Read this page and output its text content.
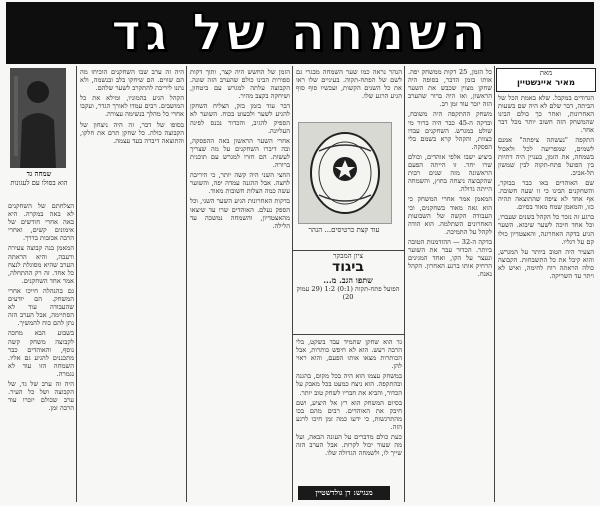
השמחה של גד
מאת
מאיר איינשטיין

הגדודים במקבל. שלא באמת הכל של הביתה, דבר שלם לא היה שם בשעות האחרונות, ואחר כך כולם הבינו שהמשחק הזה חשוב יותר מכל דבר אחר.

התקפה "נעשתה ציפתה" אמנם לשמים, שמפריעה לכל ולאכול בשמחה, את הזמן, בעניין היה דתיות בין הפועל פתח-תקוה לבין שמשון תל-אביב.

שם האוהדים באו כבר בבוקר, והשחקנים הבינו כי זו שעה חשובה. אף אחד לא ציפה שהתוצאה תהיה כזו, והמאמן שמח מאוד בסיום.

ברגע זה נזכר כל הקהל בשנים שעברו, וכל אחד חיכה לשער שיבוא. השער הגיע בדקה האחרונה, והאצטדיון כולו קם על רגליו.

הצעיר היה הטוב ביותר על המגרש, והוא קיבל את כל התשבחות. הקבוצה כולה הראתה רוח לחימה, ואיש לא ויתר עד השריקה.

כל הזמן, 25 דקות ממשחק יפה. אותו בזמן הדבר, בסופה היה שחקן מצוין שכבש את השער הראשון, ואז היה ברור שהערב הזה יזכר עוד זמן רב.

משחק ההתקפה היה משובח, ובדקה ה-45 כבר היה ברור מי שולט במגרש. השחקנים עבדו כצוות, והקהל קרא בשמם בלי הפסקה.

ביציע ישבו אלפי אוהדים, וכולם שרו יחד. זו הייתה הפעם הראשונה מזה שנים רבות שהקבוצה ניצחה בחוץ, והשמחה הייתה גדולה.

המאמן אמר אחרי המשחק כי הוא גאה מאוד בשחקנים, וכי העבודה הקשה של השבועות האחרונים השתלמה. הוא הודה לקהל על התמיכה.

בדקה ה-32 — ההזדמנות הטובה ביותר. הכדור עבר את השוער ונעצר על הקו, ואחד המגינים הרחיק אותו ברגע האחרון. הקהל נאנח.

הנהר נראה כמו שער השמחה מבגרי גם לשם של הפתח-תקוה. בעיניים שלו ראו את כל השנים הקשות, ועכשיו סוף סוף הגיע הרגע שלו.

עוד קצת כרטיסים... הנהר
ציון המבקר
ביגוד
שתפו הגב. מ...
הפועל פתח-תקוה (0:1) 1:2 (29 עמוק 20)

גד הוא שחקן שתמיד עבד בשקט, בלי הרבה רעש. הוא לא חיפש כותרות, אבל הכותרות מצאו אותו הפעם, והוא ראוי להן.

במשחק עצמו הוא היה בכל מקום, בהגנה ובהתקפה. הוא ניצח כמעט בכל מאבק על הכדור, והביא את חבריו לשחק טוב יותר.

בסיום המשחק הוא רץ אל היציע, ושם חיבק את האוהדים. רבים מהם בכו מהתרגשות, כי ידעו כמה זמן חיכו לרגע הזה.

כעת כולם מדברים על העונה הבאה, ועל מה שעוד יכול לקרות. אבל הערב הזה שייך לו, ולשמחה הגדולה שלו.

מנגיש: דן גולדשטיין

הזמן של החשש היה קצר, ותוך דקות ספורות הבינו כולם שהערב הזה שונה. הקבוצה עלתה למגרש עם ביטחון, ושיחקה בקצב מהיר.

דבר עוד בזמן בזק, הצליח השחקן להגיע לשער ולבעוט בכוח. השוער לא הספיק להגיב, והכדור נכנס לפינה העליונה.

אחרי השער הראשון באה ההפסקה, ובה דיברו השחקנים על מה שצריך לעשות. הם חזרו למגרש עם תוכנית ברורה.

החצי השני היה קשה יותר, כי היריבה לחצה. אבל ההגנה עמדה יפה, והשוער עשה כמה הצלות חשובות מאוד.

בדקות האחרונות הגיע השער השני, וכל הספק נעלם. האוהדים שרו עד שיצאו מהאצטדיון, והשמחה נמשכה עד הלילה.

היה זה ערב שבו השחקנים הוכיחו מה הם שווים. הם שיחקו בלב ובנשמה, ולא נתנו ליריבה להתקרב לשער שלהם.

הקהל הגיע בהמוניו, ומילא את כל המושבים. רבים עמדו לאורך הגדר, ועקבו אחרי כל מהלך בנשימה עצורה.

בסופו של דבר, זה היה ניצחון של הקבוצה כולה. כל שחקן תרם את חלקו, והתוצאה דיברה בעד עצמה.

שמחה גד
הוא בסולו עם לעגונות

הצלחתם של השחקנים לא באה במקרה. היא באה אחרי חודשים של אימונים קשים, ואחרי הרבה אכזבות בדרך.

המאמן בנה קבוצה צעירה ורעבה, והיא הראתה הערב שהיא מסוגלת לנצח כל אחד. זה רק ההתחלה, אמר אחד השחקנים.

גם בהנהלה חייכו אחרי המשחק. הם יודעים שהעבודה עוד לא הסתיימה, אבל הערב הזה נתן להם כוח להמשיך.

בשבוע הבא מחכה לקבוצה משחק קשה נוסף, והאוהדים כבר מתכננים להגיע גם אליו. השמחה הזו עוד לא נגמרה.

היה זה ערב של גד, של הקבוצה ושל כל העיר. ערב שכולם יזכרו עוד הרבה זמן.
